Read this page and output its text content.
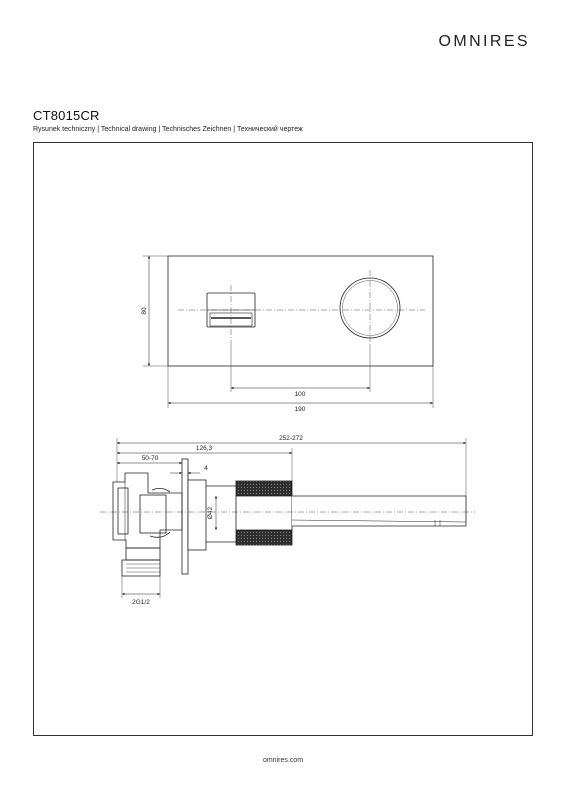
OMNIRES
CT8015CR
Rysunek techniczny | Technical drawing | Technisches Zeichnen | Технический чертеж
80
100
190
252-272
126,3
50-70
4
Ø42
2G1/2
omnires.com
